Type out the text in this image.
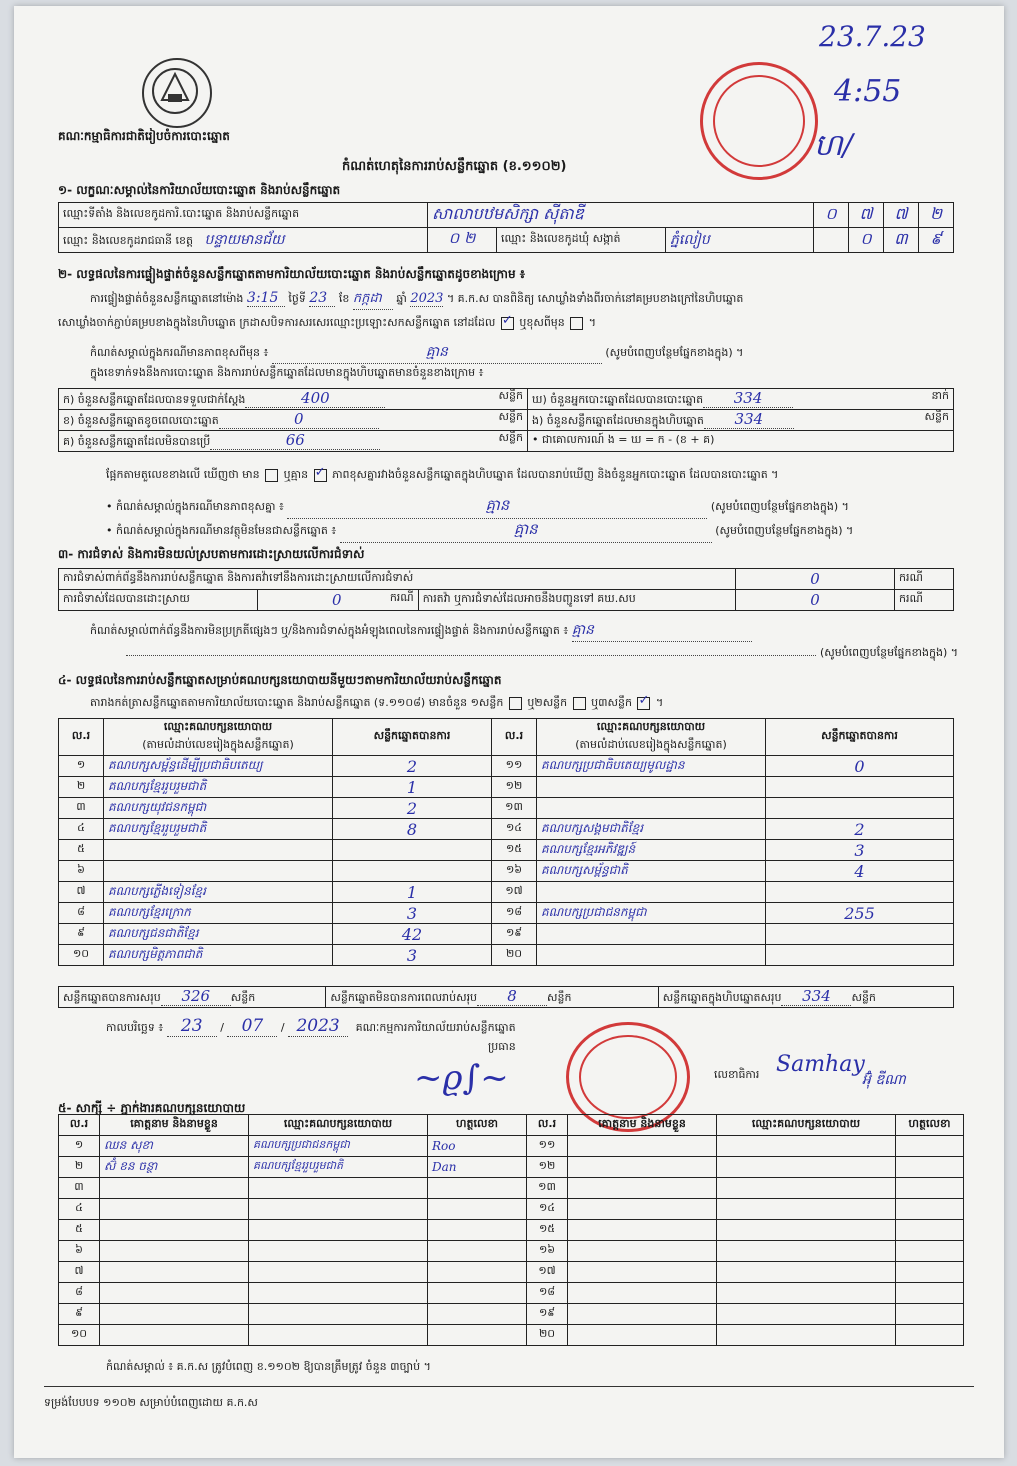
23.7.23
4:55
គណៈកម្មាធិការជាតិរៀបចំការបោះឆ្នោត	ហ/
កំណត់ហេតុនៃការរាប់សន្លឹកឆ្នោត (ខ.១១០២)
១- លក្ខណៈសម្គាល់នៃការិយាល័យបោះឆ្នោត និងរាប់សន្លឹកឆ្នោត
ឈ្មោះទីតាំង និងលេខកូដការិ.បោះឆ្នោត និងរាប់សន្លឹកឆ្នោត	សាលាបឋមសិក្សា ស៊ីតាឌី			០	៧	៧	២
ឈ្មោះ និងលេខកូដរាជធានី ខេត្ត បន្ទាយមានជ័យ	០ ២	ឈ្មោះ និងលេខកូដឃុំ សង្កាត់	ភ្នំលៀប		០	៣	៩
២- លទ្ធផលនៃការផ្ទៀងផ្ទាត់ចំនួនសន្លឹកឆ្នោតតាមការិយាល័យបោះឆ្នោត និងរាប់សន្លឹកឆ្នោតដូចខាងក្រោម ៖
ការផ្ទៀងផ្ទាត់ចំនួនសន្លឹកឆ្នោតនៅម៉ោង 3:15 ថ្ងៃទី 23 ខែ កក្កដា ឆ្នាំ 2023 ។ គ.ក.ស បានពិនិត្យ សោឃ្លាំងទាំងពីរចាក់នៅគម្របខាងក្រៅនៃហិបឆ្នោត
សោឃ្លាំងចាក់ភ្ជាប់គម្របខាងក្នុងនៃហិបឆ្នោត ក្រដាសបិទការសរសេរឈ្មោះប្រឡោះសកសន្លឹកឆ្នោត នៅដដែល ✓ ឬខុសពីមុន  ។
កំណត់សម្គាល់ក្នុងករណីមានភាពខុសពីមុន ៖	គ្មាន	(សូមបំពេញបន្ថែមផ្នែកខាងក្នុង) ។
ក្នុងខេទាក់ទងនឹងការបោះឆ្នោត និងការរាប់សន្លឹកឆ្នោតដែលមានក្នុងហិបឆ្នោតមានចំនួនខាងក្រោម ៖
ក) ចំនួនសន្លឹកឆ្នោតដែលបានទទួលជាក់ស្តែង 400 សន្លឹក	ឃ) ចំនួនអ្នកបោះឆ្នោតដែលបានបោះឆ្នោត 334 នាក់

ខ) ចំនួនសន្លឹកឆ្នោតខូចពេលបោះឆ្នោត 0 សន្លឹក	ង) ចំនួនសន្លឹកឆ្នោតដែលមានក្នុងហិបឆ្នោត 334 សន្លឹក

គ) ចំនួនសន្លឹកឆ្នោតដែលមិនបានប្រើ 66 សន្លឹក	• ជាគោលការណ៍ ង = ឃ = ក - (ខ + គ)
ផ្អែកតាមតួលេខខាងលើ ឃើញថា មាន ឬគ្មាន ✓ ភាពខុសគ្នារវាងចំនួនសន្លឹកឆ្នោតក្នុងហិបឆ្នោត ដែលបានរាប់ឃើញ និងចំនួនអ្នកបោះឆ្នោត ដែលបានបោះឆ្នោត ។
• កំណត់សម្គាល់ក្នុងករណីមានភាពខុសគ្នា ៖	គ្មាន	(សូមបំពេញបន្ថែមផ្នែកខាងក្នុង) ។
• កំណត់សម្គាល់ក្នុងករណីមានវត្ថុមិនមែនជាសន្លឹកឆ្នោត ៖	គ្មាន	(សូមបំពេញបន្ថែមផ្នែកខាងក្នុង) ។
៣- ការជំទាស់ និងការមិនយល់ស្របតាមការដោះស្រាយលើការជំទាស់
ការជំទាស់ពាក់ព័ន្ធនឹងការរាប់សន្លឹកឆ្នោត និងការតវ៉ាទៅនឹងការដោះស្រាយលើការជំទាស់			0	ករណី
ការជំទាស់ដែលបានដោះស្រាយ	0 ករណី	ការតវ៉ា ឬការជំទាស់ដែលអាចនឹងបញ្ជូនទៅ គឃ.សប	0	ករណី
កំណត់សម្គាល់ពាក់ព័ន្ធនឹងការមិនប្រក្រតីផ្សេងៗ ឬ/និងការជំទាស់ក្នុងអំឡុងពេលនៃការផ្ទៀងផ្ទាត់ និងការរាប់សន្លឹកឆ្នោត ៖ គ្មាន
(សូមបំពេញបន្ថែមផ្នែកខាងក្នុង) ។
៤- លទ្ធផលនៃការរាប់សន្លឹកឆ្នោតសម្រាប់គណបក្សនយោបាយនីមួយៗតាមការិយាល័យរាប់សន្លឹកឆ្នោត
តារាងកត់ត្រាសន្លឹកឆ្នោតតាមការិយាល័យបោះឆ្នោត និងរាប់សន្លឹកឆ្នោត (ទ.១១០៨) មានចំនួន ១សន្លឹក ឬ២សន្លឹក ឬ៣សន្លឹក ✓ ។
ល.រ	ឈ្មោះគណបក្សនយោបាយ	សន្លឹកឆ្នោតបានការ	ល.រ	ឈ្មោះគណបក្សនយោបាយ	សន្លឹកឆ្នោតបានការ
	(តាមលំដាប់លេខរៀងក្នុងសន្លឹកឆ្នោត)			(តាមលំដាប់លេខរៀងក្នុងសន្លឹកឆ្នោត)	
១	គណបក្សសម្ព័ន្ធដើម្បីប្រជាធិបតេយ្យ	2	១១	គណបក្សប្រជាធិបតេយ្យមូលដ្ឋាន	0
២	គណបក្សខ្មែររួបរួមជាតិ	1	១២		
៣	គណបក្សយុវជនកម្ពុជា	2	១៣		
៤	គណបក្សខ្មែររួបរួមជាតិ	8	១៤	គណបក្សសង្គមជាតិខ្មែរ	2
៥			១៥	គណបក្សខ្មែរអភិវឌ្ឍន៍	3
៦			១៦	គណបក្សសម្ព័ន្ធជាតិ	4
៧	គណបក្សភ្លើងទៀនខ្មែរ	1	១៧		
៨	គណបក្សខ្មែរក្រោក	3	១៨	គណបក្សប្រជាជនកម្ពុជា	255
៩	គណបក្សជនជាតិខ្មែរ	42	១៩		
១០	គណបក្សមិត្តភាពជាតិ	3	២០		
សន្លឹកឆ្នោតបានការសរុប 326 សន្លឹក	សន្លឹកឆ្នោតមិនបានការពេលរាប់សរុប 8	សន្លឹក	សន្លឹកឆ្នោតក្នុងហិបឆ្នោតសរុប 334 សន្លឹក
កាលបរិច្ឆេទ ៖ 23 / 07 / 2023 គណៈកម្មការការិយាល័យរាប់សន្លឹកឆ្នោត
ប្រធាន
~ϱ∫~	លេខាធិការ Samhay
អ៊ុំ ឌីណា
៥- សាក្សី ÷ ភ្នាក់ងារគណបក្សនយោបាយ
ល.រ	គោត្តនាម និងនាមខ្លួន	ឈ្មោះគណបក្សនយោបាយ	ហត្ថលេខា	ល.រ	គោត្តនាម និងនាមខ្លួន	ឈ្មោះគណបក្សនយោបាយ	ហត្ថលេខា
១	ឈន សុខា	គណបក្សប្រជាជនកម្ពុជា	Roo	១១			
២	ស៊ំ ខន ចន្ថា	គណបក្សខ្មែររួបរួមជាតិ	Dan	១២			
៣				១៣			
៤				១៤			
៥				១៥			
៦				១៦			
៧				១៧			
៨				១៨			
៩				១៩			
១០				២០			
កំណត់សម្គាល់ ៖ គ.ក.ស ត្រូវបំពេញ ខ.១១០២ ឱ្យបានត្រឹមត្រូវ ចំនួន ៣ច្បាប់ ។
ទម្រង់បែបបទ ១១០២ សម្រាប់បំពេញដោយ គ.ក.ស
